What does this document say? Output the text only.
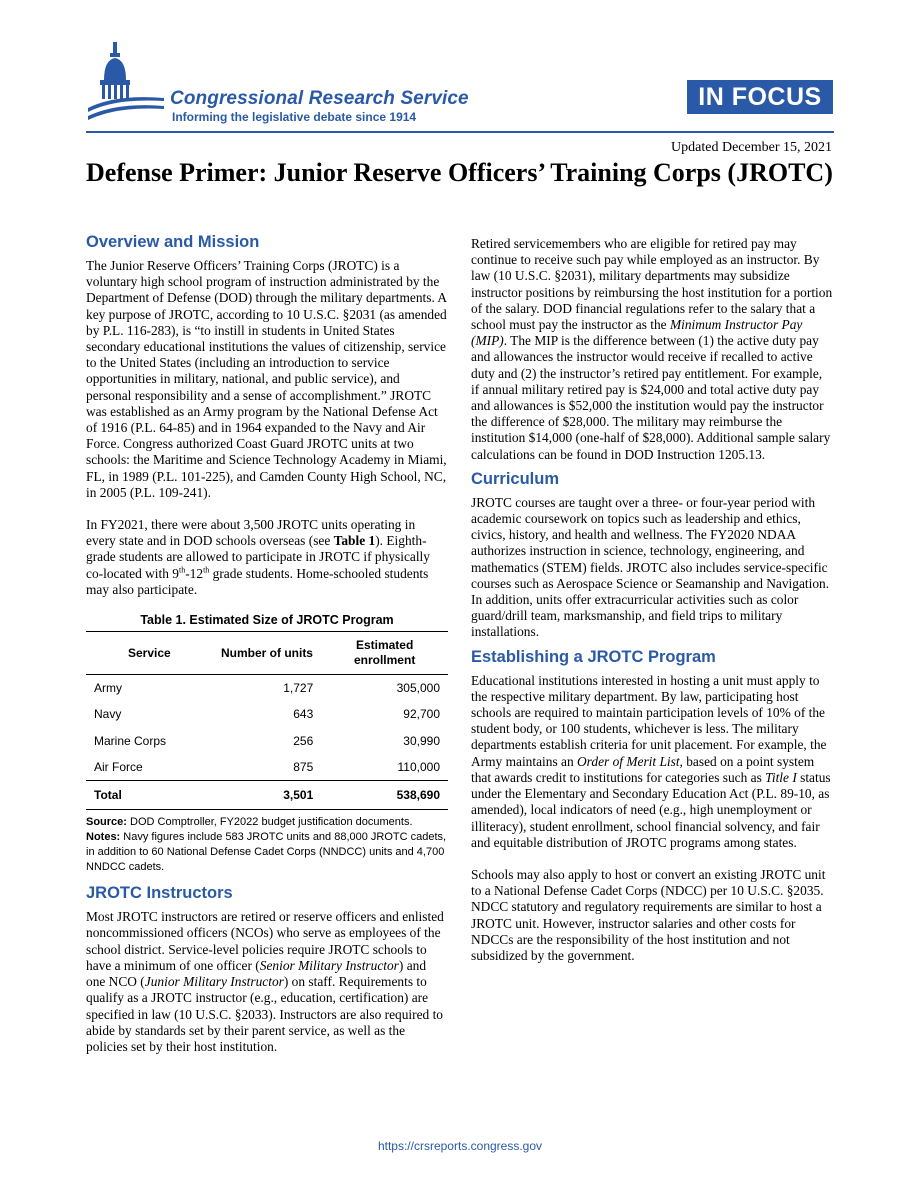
Congressional Research Service
Informing the legislative debate since 1914
IN FOCUS
Updated December 15, 2021
Defense Primer: Junior Reserve Officers’ Training Corps (JROTC)
Overview and Mission

The Junior Reserve Officers’ Training Corps (JROTC) is a voluntary high school program of instruction administrated by the Department of Defense (DOD) through the military departments. A key purpose of JROTC, according to 10 U.S.C. §2031 (as amended by P.L. 116-283), is “to instill in students in United States secondary educational institutions the values of citizenship, service to the United States (including an introduction to service opportunities in military, national, and public service), and personal responsibility and a sense of accomplishment.” JROTC was established as an Army program by the National Defense Act of 1916 (P.L. 64-85) and in 1964 expanded to the Navy and Air Force. Congress authorized Coast Guard JROTC units at two schools: the Maritime and Science Technology Academy in Miami, FL, in 1989 (P.L. 101-225), and Camden County High School, NC, in 2005 (P.L. 109-241).

In FY2021, there were about 3,500 JROTC units operating in every state and in DOD schools overseas (see Table 1). Eighth-grade students are allowed to participate in JROTC if physically co-located with 9th-12th grade students. Home-schooled students may also participate.

Table 1. Estimated Size of JROTC Program
Service	Number of units	Estimated enrollment
Army	1,727	305,000
Navy	643	92,700
Marine Corps	256	30,990
Air Force	875	110,000
Total	3,501	538,690
Source: DOD Comptroller, FY2022 budget justification documents.
Notes: Navy figures include 583 JROTC units and 88,000 JROTC cadets, in addition to 60 National Defense Cadet Corps (NNDCC) units and 4,700 NNDCC cadets.
JROTC Instructors

Most JROTC instructors are retired or reserve officers and enlisted noncommissioned officers (NCOs) who serve as employees of the school district. Service-level policies require JROTC schools to have a minimum of one officer (Senior Military Instructor) and one NCO (Junior Military Instructor) on staff. Requirements to qualify as a JROTC instructor (e.g., education, certification) are specified in law (10 U.S.C. §2033). Instructors are also required to abide by standards set by their parent service, as well as the policies set by their host institution.

Retired servicemembers who are eligible for retired pay may continue to receive such pay while employed as an instructor. By law (10 U.S.C. §2031), military departments may subsidize instructor positions by reimbursing the host institution for a portion of the salary. DOD financial regulations refer to the salary that a school must pay the instructor as the Minimum Instructor Pay (MIP). The MIP is the difference between (1) the active duty pay and allowances the instructor would receive if recalled to active duty and (2) the instructor’s retired pay entitlement. For example, if annual military retired pay is $24,000 and total active duty pay and allowances is $52,000 the institution would pay the instructor the difference of $28,000. The military may reimburse the institution $14,000 (one-half of $28,000). Additional sample salary calculations can be found in DOD Instruction 1205.13.

Curriculum

JROTC courses are taught over a three- or four-year period with academic coursework on topics such as leadership and ethics, civics, history, and health and wellness. The FY2020 NDAA authorizes instruction in science, technology, engineering, and mathematics (STEM) fields. JROTC also includes service-specific courses such as Aerospace Science or Seamanship and Navigation. In addition, units offer extracurricular activities such as color guard/drill team, marksmanship, and field trips to military installations.

Establishing a JROTC Program

Educational institutions interested in hosting a unit must apply to the respective military department. By law, participating host schools are required to maintain participation levels of 10% of the student body, or 100 students, whichever is less. The military departments establish criteria for unit placement. For example, the Army maintains an Order of Merit List, based on a point system that awards credit to institutions for categories such as Title I status under the Elementary and Secondary Education Act (P.L. 89-10, as amended), local indicators of need (e.g., high unemployment or illiteracy), student enrollment, school financial solvency, and fair and equitable distribution of JROTC programs among states.

Schools may also apply to host or convert an existing JROTC unit to a National Defense Cadet Corps (NDCC) per 10 U.S.C. §2035. NDCC statutory and regulatory requirements are similar to host a JROTC unit. However, instructor salaries and other costs for NDCCs are the responsibility of the host institution and not subsidized by the government.

https://crsreports.congress.gov
